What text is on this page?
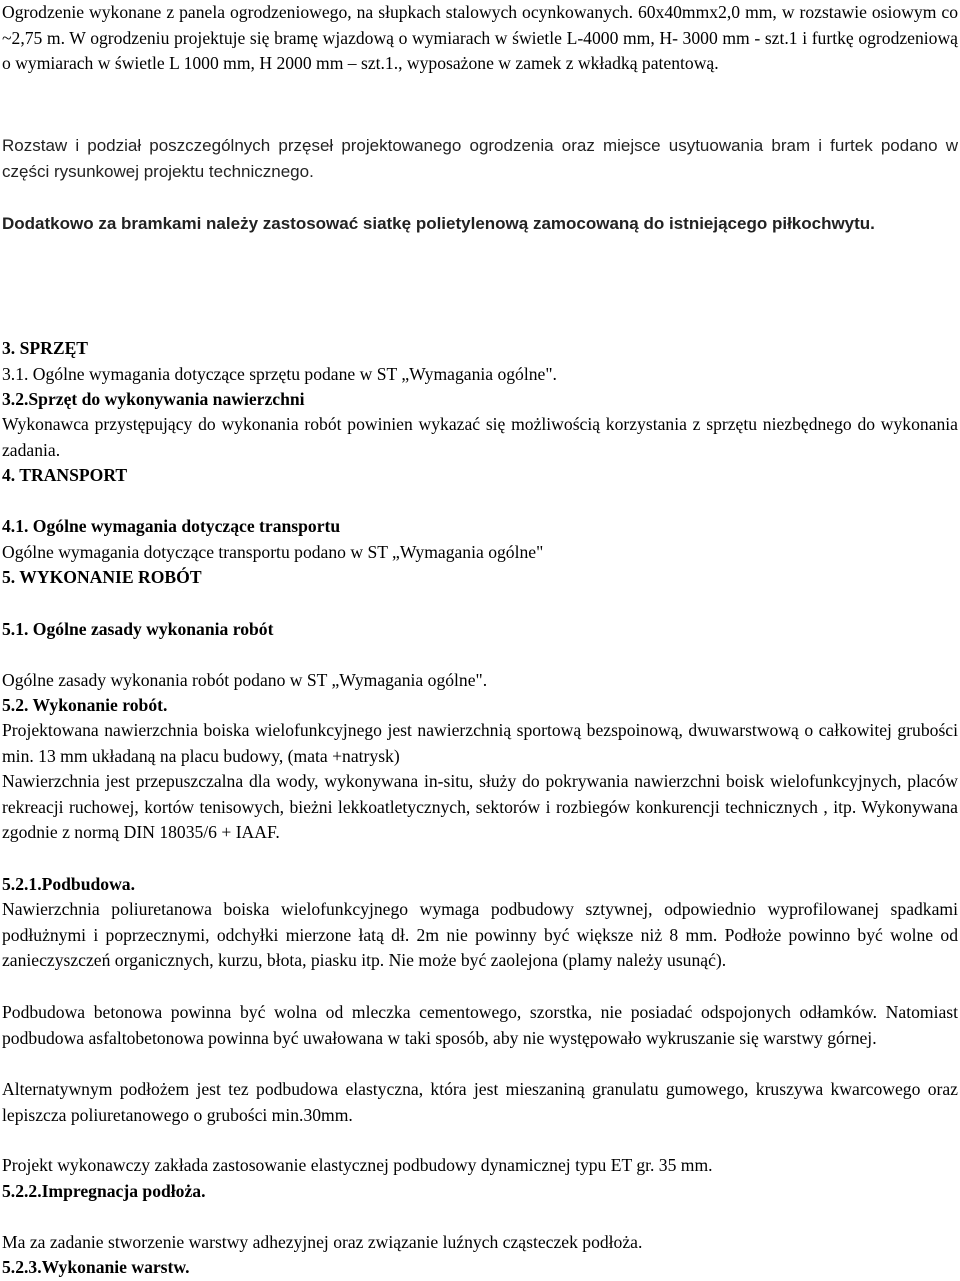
Ogrodzenie wykonane z panela ogrodzeniowego, na słupkach stalowych ocynkowanych. 60x40mmx2,0 mm, w rozstawie osiowym co ~2,75 m. W ogrodzeniu projektuje się bramę wjazdową o wymiarach w świetle L-4000 mm, H- 3000 mm - szt.1 i furtkę ogrodzeniową o wymiarach w świetle L 1000 mm, H 2000 mm – szt.1., wyposażone w zamek z wkładką patentową.

Rozstaw i podział poszczególnych przęseł projektowanego ogrodzenia oraz miejsce usytuowania bram i furtek podano w części rysunkowej projektu technicznego.

Dodatkowo za bramkami należy zastosować siatkę polietylenową zamocowaną do istniejącego piłkochwytu.

3. SPRZĘT

3.1. Ogólne wymagania dotyczące sprzętu podane w ST „Wymagania ogólne".

3.2.Sprzęt do wykonywania nawierzchni

Wykonawca przystępujący do wykonania robót powinien wykazać się możliwością korzystania z sprzętu niezbędnego do wykonania zadania.

4. TRANSPORT

4.1. Ogólne wymagania dotyczące transportu

Ogólne wymagania dotyczące transportu podano w ST „Wymagania ogólne"

5. WYKONANIE ROBÓT

5.1. Ogólne zasady wykonania robót

Ogólne zasady wykonania robót podano w ST „Wymagania ogólne".

5.2. Wykonanie robót.

Projektowana nawierzchnia boiska wielofunkcyjnego jest nawierzchnią sportową bezspoinową, dwuwarstwową o całkowitej grubości min. 13 mm układaną na placu budowy, (mata +natrysk)

Nawierzchnia jest przepuszczalna dla wody, wykonywana in-situ, służy do pokrywania nawierzchni boisk wielofunkcyjnych, placów rekreacji ruchowej, kortów tenisowych, bieżni lekkoatletycznych, sektorów i rozbiegów konkurencji technicznych , itp. Wykonywana zgodnie z normą DIN 18035/6 + IAAF.

5.2.1.Podbudowa.

Nawierzchnia poliuretanowa boiska wielofunkcyjnego wymaga podbudowy sztywnej, odpowiednio wyprofilowanej spadkami podłużnymi i poprzecznymi, odchyłki mierzone łatą dł. 2m nie powinny być większe niż 8 mm. Podłoże powinno być wolne od zanieczyszczeń organicznych, kurzu, błota, piasku itp. Nie może być zaolejona (plamy należy usunąć).

Podbudowa betonowa powinna być wolna od mleczka cementowego, szorstka, nie posiadać odspojonych odłamków. Natomiast podbudowa asfaltobetonowa powinna być uwałowana w taki sposób, aby nie występowało wykruszanie się warstwy górnej.

Alternatywnym podłożem jest tez podbudowa elastyczna, która jest mieszaniną granulatu gumowego, kruszywa kwarcowego oraz lepiszcza poliuretanowego o grubości min.30mm.

Projekt wykonawczy zakłada zastosowanie elastycznej podbudowy dynamicznej typu ET gr. 35 mm.

5.2.2.Impregnacja podłoża.

Ma za zadanie stworzenie warstwy adhezyjnej oraz związanie luźnych cząsteczek podłoża.

5.2.3.Wykonanie warstw.
